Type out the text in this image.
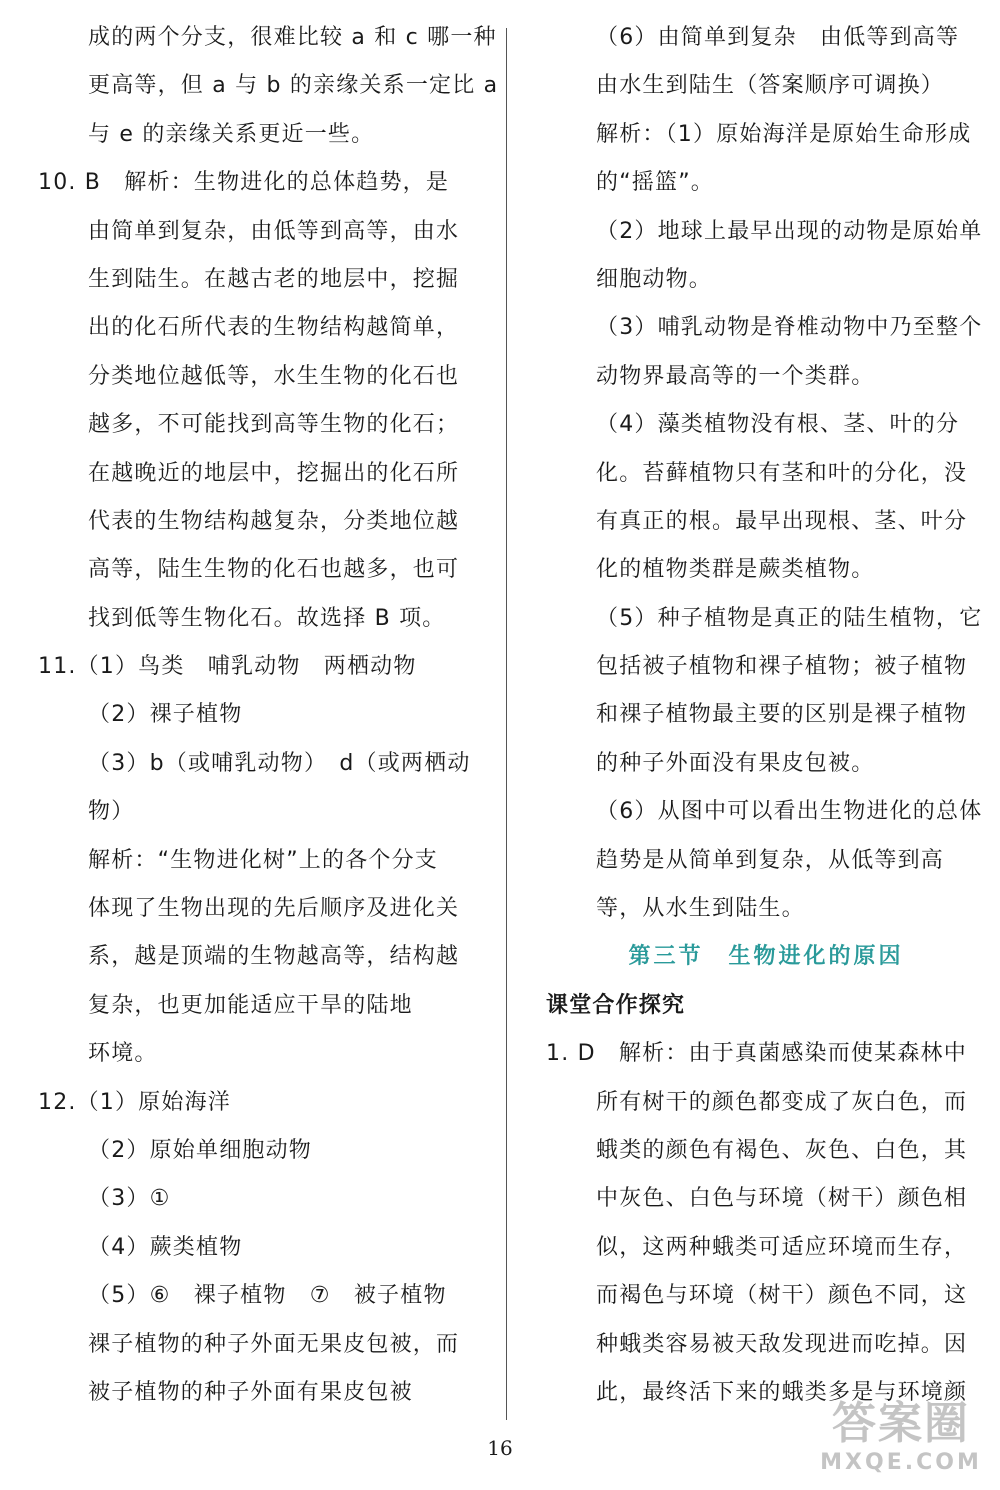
成的两个分支，很难比较 a 和 c 哪一种
更高等，但 a 与 b 的亲缘关系一定比 a
与 e 的亲缘关系更近一些。
10. B　解析：生物进化的总体趋势，是
由简单到复杂，由低等到高等，由水
生到陆生。在越古老的地层中，挖掘
出的化石所代表的生物结构越简单，
分类地位越低等，水生生物的化石也
越多，不可能找到高等生物的化石；
在越晚近的地层中，挖掘出的化石所
代表的生物结构越复杂，分类地位越
高等，陆生生物的化石也越多，也可
找到低等生物化石。故选择 B 项。
11.（1）鸟类　哺乳动物　两栖动物
（2）裸子植物
（3）b（或哺乳动物）　d（或两栖动
物）
解析：“生物进化树”上的各个分支
体现了生物出现的先后顺序及进化关
系，越是顶端的生物越高等，结构越
复杂，也更加能适应干旱的陆地
环境。
12.（1）原始海洋
（2）原始单细胞动物
（3）①
（4）蕨类植物
（5）⑥　裸子植物　⑦　被子植物
裸子植物的种子外面无果皮包被，而
被子植物的种子外面有果皮包被
（6）由简单到复杂　由低等到高等
由水生到陆生（答案顺序可调换）
解析：（1）原始海洋是原始生命形成
的“摇篮”。
（2）地球上最早出现的动物是原始单
细胞动物。
（3）哺乳动物是脊椎动物中乃至整个
动物界最高等的一个类群。
（4）藻类植物没有根、茎、叶的分
化。苔藓植物只有茎和叶的分化，没
有真正的根。最早出现根、茎、叶分
化的植物类群是蕨类植物。
（5）种子植物是真正的陆生植物，它
包括被子植物和裸子植物；被子植物
和裸子植物最主要的区别是裸子植物
的种子外面没有果皮包被。
（6）从图中可以看出生物进化的总体
趋势是从简单到复杂，从低等到高
等，从水生到陆生。
第三节　生物进化的原因
课堂合作探究
1. D　解析：由于真菌感染而使某森林中
所有树干的颜色都变成了灰白色，而
蛾类的颜色有褐色、灰色、白色，其
中灰色、白色与环境（树干）颜色相
似，这两种蛾类可适应环境而生存，
而褐色与环境（树干）颜色不同，这
种蛾类容易被天敌发现进而吃掉。因
此，最终活下来的蛾类多是与环境颜
16	答案圈
MXQE.COM
